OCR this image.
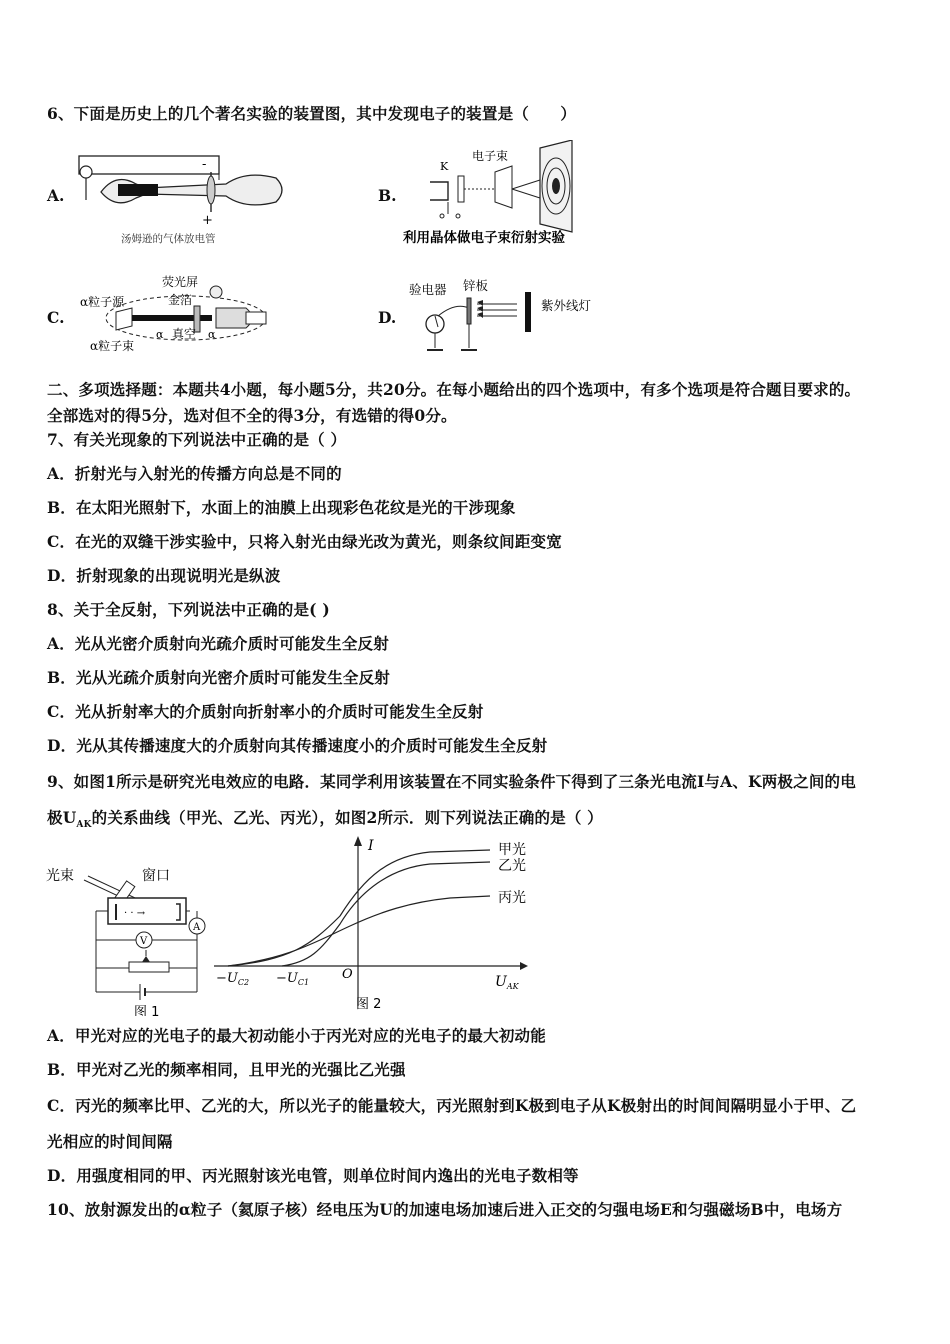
6、下面是历史上的几个著名实验的装置图，其中发现电子的装置是（　　）
A.
-
+
汤姆逊的气体放电管
B.
K
电子束
利用晶体做电子束衍射实验
C.
α粒子源
荧光屏
金箔
真空
α	α
α粒子束
D.
验电器 锌板
紫外线灯
二、多项选择题：本题共4小题，每小题5分，共20分。在每小题给出的四个选项中，有多个选项是符合题目要求的。
全部选对的得5分，选对但不全的得3分，有选错的得0分。
7、有关光现象的下列说法中正确的是（ ）
A．折射光与入射光的传播方向总是不同的
B．在太阳光照射下，水面上的油膜上出现彩色花纹是光的干涉现象
C．在光的双缝干涉实验中，只将入射光由绿光改为黄光，则条纹间距变宽
D．折射现象的出现说明光是纵波
8、关于全反射，下列说法中正确的是( )
A．光从光密介质射向光疏介质时可能发生全反射
B．光从光疏介质射向光密介质时可能发生全反射
C．光从折射率大的介质射向折射率小的介质时可能发生全反射
D．光从其传播速度大的介质射向其传播速度小的介质时可能发生全反射
9、如图1所示是研究光电效应的电路．某同学利用该装置在不同实验条件下得到了三条光电流I与A、K两极之间的电
极$U_{AK}$的关系曲线（甲光、乙光、丙光），如图2所示．则下列说法正确的是（ ）
光束	窗口
· · →
A
V
图 1
I
$U_{AK}$
O
$-U_{C2} -U_{C1}$
甲光
乙光
丙光
图 2
A．甲光对应的光电子的最大初动能小于丙光对应的光电子的最大初动能
B．甲光对乙光的频率相同，且甲光的光强比乙光强
C．丙光的频率比甲、乙光的大，所以光子的能量较大，丙光照射到K极到电子从K极射出的时间间隔明显小于甲、乙
光相应的时间间隔
D．用强度相同的甲、丙光照射该光电管，则单位时间内逸出的光电子数相等
10、放射源发出的α粒子（氦原子核）经电压为U的加速电场加速后进入正交的匀强电场E和匀强磁场B中，电场方
